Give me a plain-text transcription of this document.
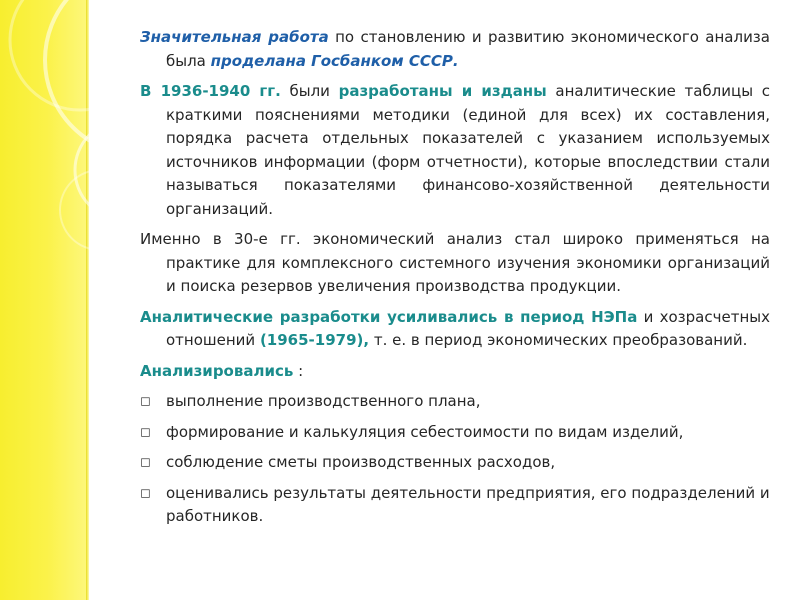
Значительная работа по становлению и развитию экономического анализа была проделана Госбанком СССР.

В 1936-1940 гг. были разработаны и изданы аналитические таблицы с краткими пояснениями методики (единой для всех) их составления, порядка расчета отдельных показателей с указанием используемых источников информации (форм отчетности), которые впоследствии стали называться показателями финансово-хозяйственной деятельности организаций.

Именно в 30-е гг. экономический анализ стал широко применяться на практике для комплексного системного изучения экономики организаций и поиска резервов увеличения производства продукции.

Аналитические разработки усиливались в период НЭПа и хозрасчетных отношений (1965-1979), т. е. в период экономических преобразований.

Анализировались :

◻ выполнение производственного плана,
◻ формирование и калькуляция себестоимости по видам изделий,
◻ соблюдение сметы производственных расходов,
◻ оценивались результаты деятельности предприятия, его подразделений и работников.
